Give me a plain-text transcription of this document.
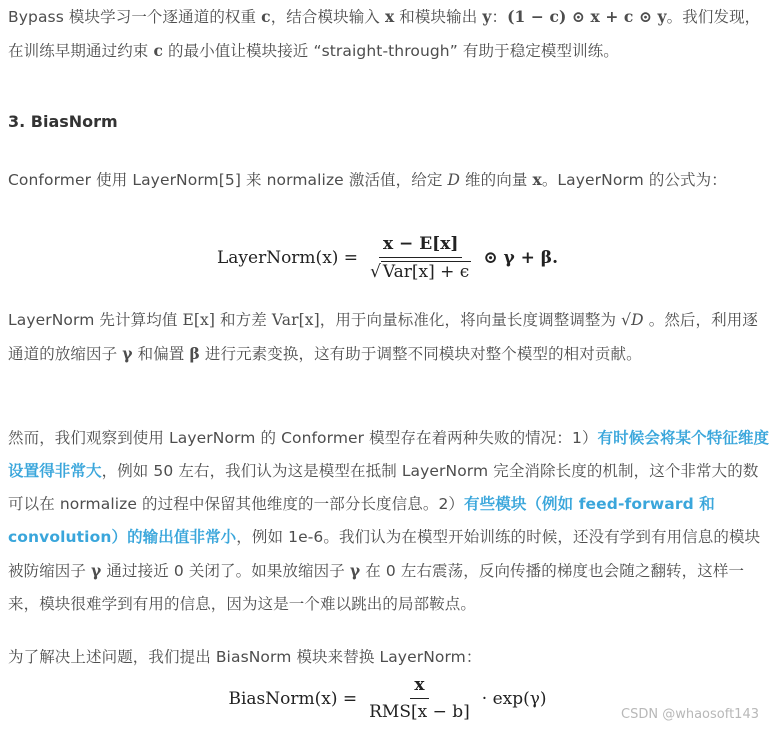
Bypass 模块学习一个逐通道的权重 c，结合模块输入 x 和模块输出 y：(1 − c) ⊙ x + c ⊙ y。我们发现，在训练早期通过约束 c 的最小值让模块接近 “straight-through” 有助于稳定模型训练。
3. BiasNorm
Conformer 使用 LayerNorm[5] 来 normalize 激活值，给定 D 维的向量 x。LayerNorm 的公式为：
LayerNorm(x) = $\frac{x - E[x]}{\text{√ Var[x] + ϵ}}$ ⊙ γ + β.
LayerNorm 先计算均值 E[x] 和方差 Var[x]，用于向量标准化，将向量长度调整调整为 √D 。然后，利用逐通道的放缩因子 γ 和偏置 β 进行元素变换，这有助于调整不同模块对整个模型的相对贡献。
然而，我们观察到使用 LayerNorm 的 Conformer 模型存在着两种失败的情况：1）有时候会将某个特征维度设置得非常大，例如 50 左右，我们认为这是模型在抵制 LayerNorm 完全消除长度的机制，这个非常大的数可以在 normalize 的过程中保留其他维度的一部分长度信息。2）有些模块（例如 feed-forward 和 convolution）的输出值非常小，例如 1e-6。我们认为在模型开始训练的时候，还没有学到有用信息的模块被防缩因子 γ 通过接近 0 关闭了。如果放缩因子 γ 在 0 左右震荡，反向传播的梯度也会随之翻转，这样一来，模块很难学到有用的信息，因为这是一个难以跳出的局部鞍点。
为了解决上述问题，我们提出 BiasNorm 模块来替换 LayerNorm：
BiasNorm(x) = $\frac{x}{\text{RMS[x − b]}} \cdot \exp(\gamma)$
CSDN @whaosoft143
